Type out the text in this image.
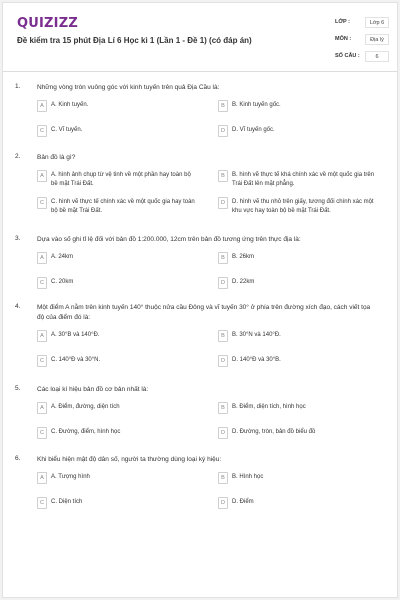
QUIZIZZ
Đề kiểm tra 15 phút Địa Lí 6 Học kì 1 (Lần 1 - Đề 1) (có đáp án)
LỚP :	Lớp 6
MÔN :	Địa lý
SỐ CÂU :	6
1.	Những vòng tròn vuông góc với kinh tuyến trên quả Địa Cầu là:
A	A. Kinh tuyến.	B	B. Kinh tuyến gốc.
C	C. Vĩ tuyến.	D	D. Vĩ tuyến gốc.
2.	Bản đồ là gì?
A	A. hình ảnh chụp từ vệ tinh về một phần hay toàn bộ bề mặt Trái Đất.
B	B. hình vẽ thực tế khá chính xác về một quốc gia trên Trái Đất lên mặt phẳng.
C	C. hình vẽ thực tế chính xác về một quốc gia hay toàn bộ bề mặt Trái Đất.
D	D. hình vẽ thu nhỏ trên giấy, tương đối chính xác một khu vực hay toàn bộ bề mặt Trái Đất.
3.	Dựa vào số ghi tỉ lệ đối với bản đồ 1:200.000, 12cm trên bản đồ tương ứng trên thực địa là:
A	A. 24km	B	B. 26km
C	C. 20km	D	D. 22km
4.	Một điểm A nằm trên kinh tuyến 140° thuộc nửa cầu Đông và vĩ tuyến 30° ở phía trên đường xích đạo, cách viết tọa độ của điểm đó là:
A	A. 30°B và 140°Đ.	B	B. 30°N và 140°Đ.
C	C. 140°Đ và 30°N.	D	D. 140°Đ và 30°B.
5.	Các loại kí hiệu bản đồ cơ bản nhất là:
A	A. Điểm, đường, diện tích	B	B. Điểm, diện tích, hình học
C	C. Đường, điểm, hình học	D	D. Đường, tròn, bản đồ biểu đồ
6.	Khi biểu hiện mật độ dân số, người ta thường dùng loại ký hiệu:
A	A. Tượng hình	B	B. Hình học
C	C. Diện tích	D	D. Điểm
